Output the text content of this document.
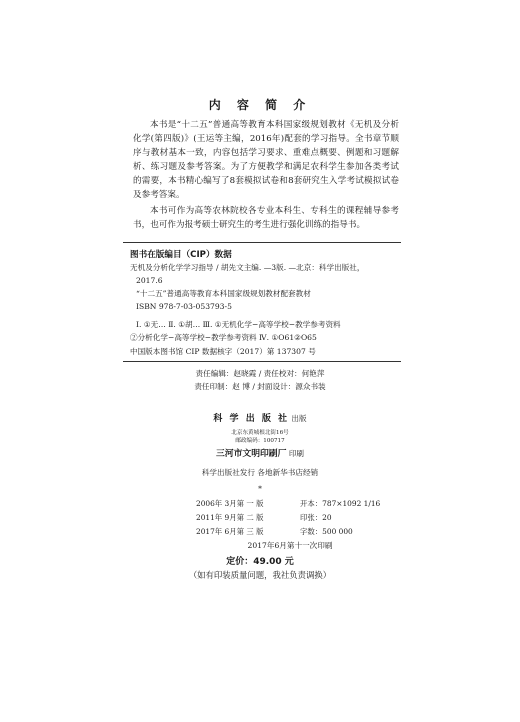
内 容 简 介

本书是“十二五”普通高等教育本科国家级规划教材《无机及分析化学(第四版)》(王运等主编，2016年)配套的学习指导。全书章节顺序与教材基本一致，内容包括学习要求、重难点概要、例题和习题解析、练习题及参考答案。为了方便教学和满足农科学生参加各类考试的需要，本书精心编写了8套模拟试卷和8套研究生入学考试模拟试卷及参考答案。

本书可作为高等农林院校各专业本科生、专科生的课程辅导参考书，也可作为报考硕士研究生的考生进行强化训练的指导书。

图书在版编目（CIP）数据
无机及分析化学学习指导 / 胡先文主编. —3版. —北京：科学出版社，
2017.6
“十二五”普通高等教育本科国家级规划教材配套教材
ISBN 978-7-03-053793-5
Ⅰ. ①无… Ⅱ. ①胡… Ⅲ. ①无机化学−高等学校−教学参考资料
②分析化学−高等学校−教学参考资料 Ⅳ. ①O61②O65
中国版本图书馆 CIP 数据核字（2017）第 137307 号
责任编辑：赵晓霞 / 责任校对：何艳萍
责任印制：赵 博 / 封面设计：源众书装
科 学 出 版 社 出版
北京东黄城根北街16号
邮政编码：100717
三河市文明印刷厂 印刷
科学出版社发行 各地新华书店经销
*
2006年 3月第 一 版	开本：787×1092 1/16
2011年 9月第 二 版	印张：20
2017年 6月第 三 版	字数：500 000
2017年6月第十一次印刷
定价：49.00 元
（如有印装质量问题，我社负责调换）
